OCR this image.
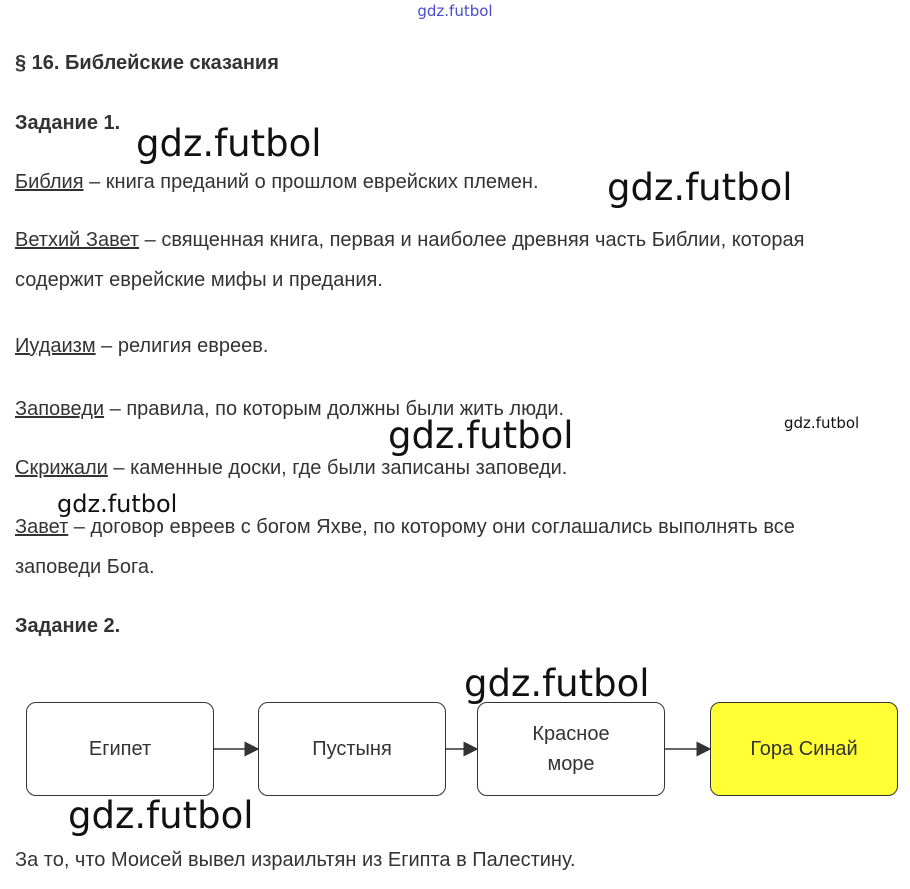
gdz.futbol
§ 16. Библейские сказания
Задание 1.
Библия – книга преданий о прошлом еврейских племен.
Ветхий Завет – священная книга, первая и наиболее древняя часть Библии, которая содержит еврейские мифы и предания.
Иудаизм – религия евреев.
Заповеди – правила, по которым должны были жить люди.
Скрижали – каменные доски, где были записаны заповеди.
Завет – договор евреев с богом Яхве, по которому они соглашались выполнять все заповеди Бога.
Задание 2.
Египет	Пустыня
Красное море
Гора Синай
За то, что Моисей вывел израильтян из Египта в Палестину.
gdz.futbol
gdz.futbol
gdz.futbol
gdz.futbol
gdz.futbol
gdz.futbol
gdz.futbol
